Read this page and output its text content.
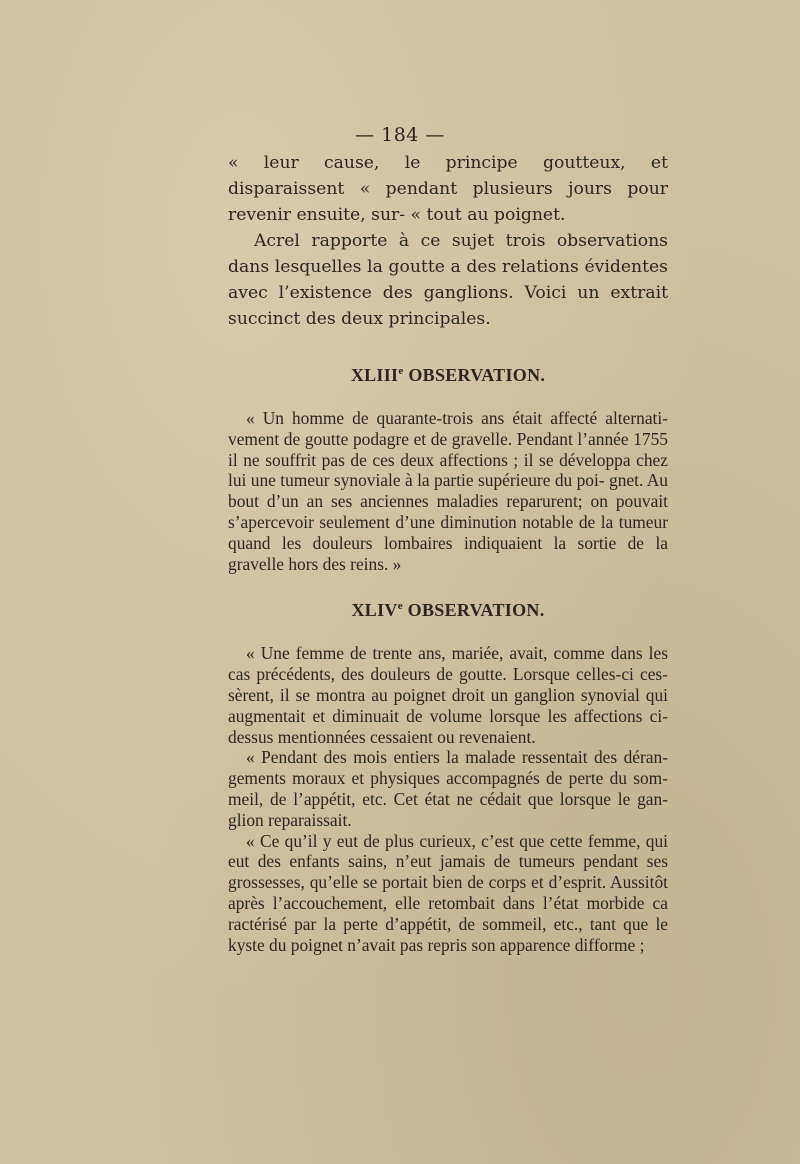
— 184 —

« leur cause, le principe goutteux, et disparaissent « pendant plusieurs jours pour revenir ensuite, sur- « tout au poignet.

Acrel rapporte à ce sujet trois observations dans lesquelles la goutte a des relations évidentes avec l’existence des ganglions. Voici un extrait succinct des deux principales.

XLIIIe OBSERVATION.

« Un homme de quarante-trois ans était affecté alternati- vement de goutte podagre et de gravelle. Pendant l’année 1755 il ne souffrit pas de ces deux affections ; il se développa chez lui une tumeur synoviale à la partie supérieure du poi- gnet. Au bout d’un an ses anciennes maladies reparurent; on pouvait s’apercevoir seulement d’une diminution notable de la tumeur quand les douleurs lombaires indiquaient la sortie de la gravelle hors des reins. »

XLIVe OBSERVATION.

« Une femme de trente ans, mariée, avait, comme dans les cas précédents, des douleurs de goutte. Lorsque celles-ci ces- sèrent, il se montra au poignet droit un ganglion synovial qui augmentait et diminuait de volume lorsque les affections ci-dessus mentionnées cessaient ou revenaient.

« Pendant des mois entiers la malade ressentait des déran- gements moraux et physiques accompagnés de perte du som- meil, de l’appétit, etc. Cet état ne cédait que lorsque le gan- glion reparaissait.

« Ce qu’il y eut de plus curieux, c’est que cette femme, qui eut des enfants sains, n’eut jamais de tumeurs pendant ses grossesses, qu’elle se portait bien de corps et d’esprit. Aussitôt après l’accouchement, elle retombait dans l’état morbide ca ractérisé par la perte d’appétit, de sommeil, etc., tant que le kyste du poignet n’avait pas repris son apparence difforme ;
